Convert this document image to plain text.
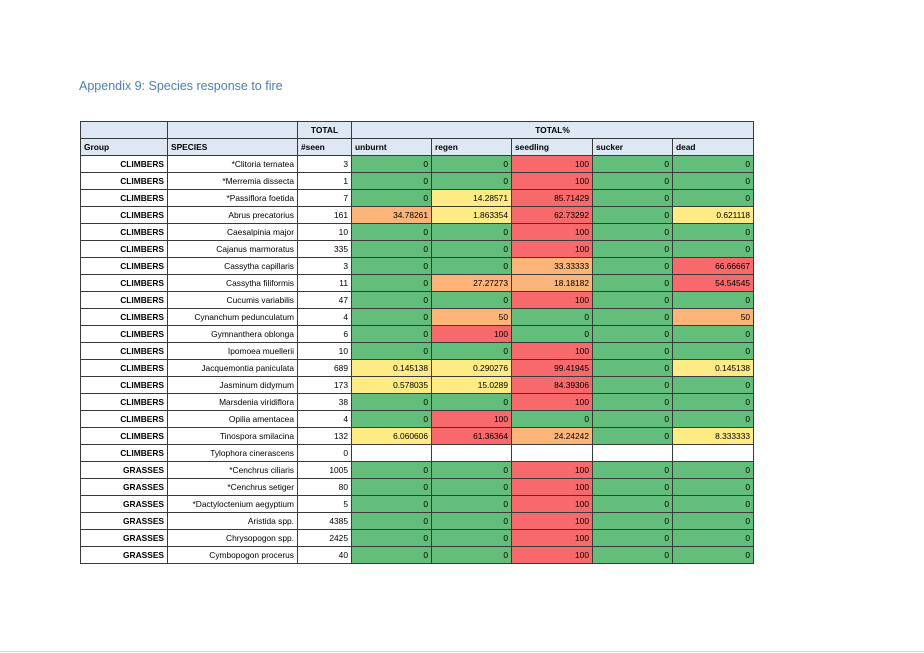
Appendix 9: Species response to fire
		TOTAL	TOTAL%				
Group	SPECIES	#seen	unburnt	regen	seedling	sucker	dead
CLIMBERS	*Clitoria ternatea	3	0	0	100	0	0
CLIMBERS	*Merremia dissecta	1	0	0	100	0	0
CLIMBERS	*Passiflora foetida	7	0	14.28571	85.71429	0	0
CLIMBERS	Abrus precatorius	161	34.78261	1.863354	62.73292	0	0.621118
CLIMBERS	Caesalpinia major	10	0	0	100	0	0
CLIMBERS	Cajanus marmoratus	335	0	0	100	0	0
CLIMBERS	Cassytha capillaris	3	0	0	33.33333	0	66.66667
CLIMBERS	Cassytha filiformis	11	0	27.27273	18.18182	0	54.54545
CLIMBERS	Cucumis variabilis	47	0	0	100	0	0
CLIMBERS	Cynanchum pedunculatum	4	0	50	0	0	50
CLIMBERS	Gymnanthera oblonga	6	0	100	0	0	0
CLIMBERS	Ipomoea muellerii	10	0	0	100	0	0
CLIMBERS	Jacquemontia paniculata	689	0.145138	0.290276	99.41945	0	0.145138
CLIMBERS	Jasminum didymum	173	0.578035	15.0289	84.39306	0	0
CLIMBERS	Marsdenia viridiflora	38	0	0	100	0	0
CLIMBERS	Opilia amentacea	4	0	100	0	0	0
CLIMBERS	Tinospora smilacina	132	6.060606	61.36364	24.24242	0	8.333333
CLIMBERS	Tylophora cinerascens	0					
GRASSES	*Cenchrus ciliaris	1005	0	0	100	0	0
GRASSES	*Cenchrus setiger	80	0	0	100	0	0
GRASSES	*Dactyloctenium aegyptium	5	0	0	100	0	0
GRASSES	Aristida spp.	4385	0	0	100	0	0
GRASSES	Chrysopogon spp.	2425	0	0	100	0	0
GRASSES	Cymbopogon procerus	40	0	0	100	0	0
